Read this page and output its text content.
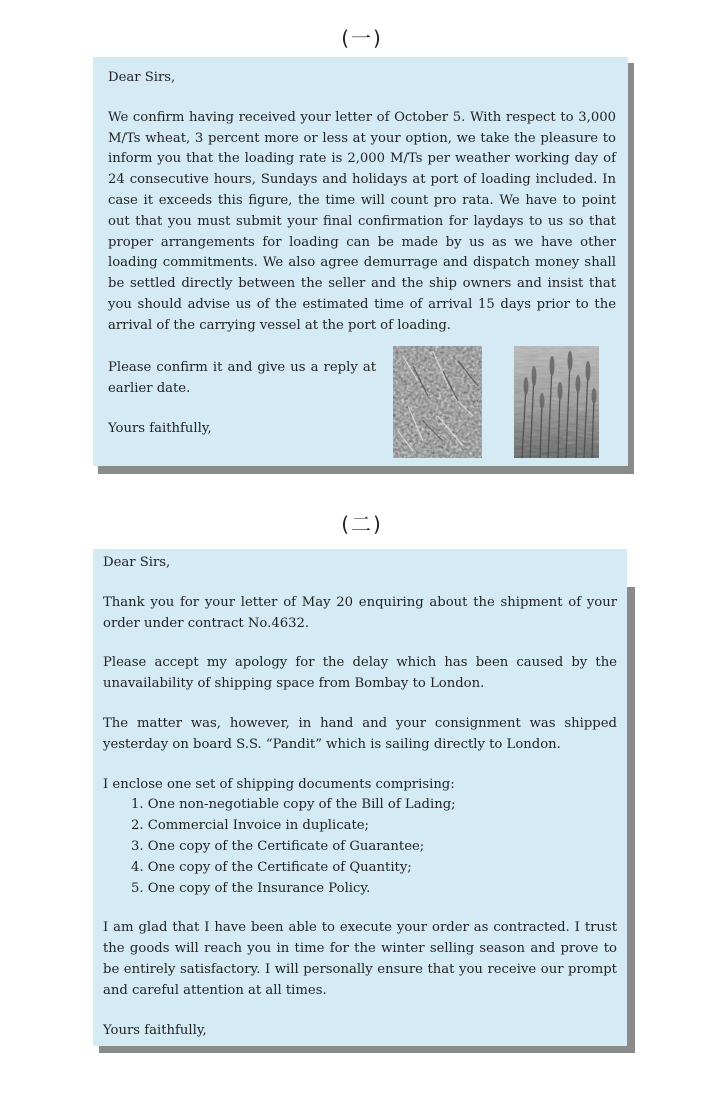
(一)

Dear Sirs,

We confirm having received your letter of October 5. With respect to 3,000 M/Ts wheat, 3 percent more or less at your option, we take the pleasure to inform you that the loading rate is 2,000 M/Ts per weather working day of 24 consecutive hours, Sundays and holidays at port of loading included. In case it exceeds this figure, the time will count pro rata. We have to point out that you must submit your final confirmation for laydays to us so that proper arrangements for loading can be made by us as we have other loading commitments. We also agree demurrage and dispatch money shall be settled directly between the seller and the ship owners and insist that you should advise us of the estimated time of arrival 15 days prior to the arrival of the carrying vessel at the port of loading.

Please confirm it and give us a reply at earlier date.

Yours faithfully,

(二)

Dear Sirs,

Thank you for your letter of May 20 enquiring about the shipment of your order under contract No.4632.

Please accept my apology for the delay which has been caused by the unavailability of shipping space from Bombay to London.

The matter was, however, in hand and your consignment was shipped yesterday on board S.S. “Pandit” which is sailing directly to London.

I enclose one set of shipping documents comprising:

1. One non-negotiable copy of the Bill of Lading;
2. Commercial Invoice in duplicate;
3. One copy of the Certificate of Guarantee;
4. One copy of the Certificate of Quantity;
5. One copy of the Insurance Policy.

I am glad that I have been able to execute your order as contracted. I trust the goods will reach you in time for the winter selling season and prove to be entirely satisfactory. I will personally ensure that you receive our prompt and careful attention at all times.

Yours faithfully,
